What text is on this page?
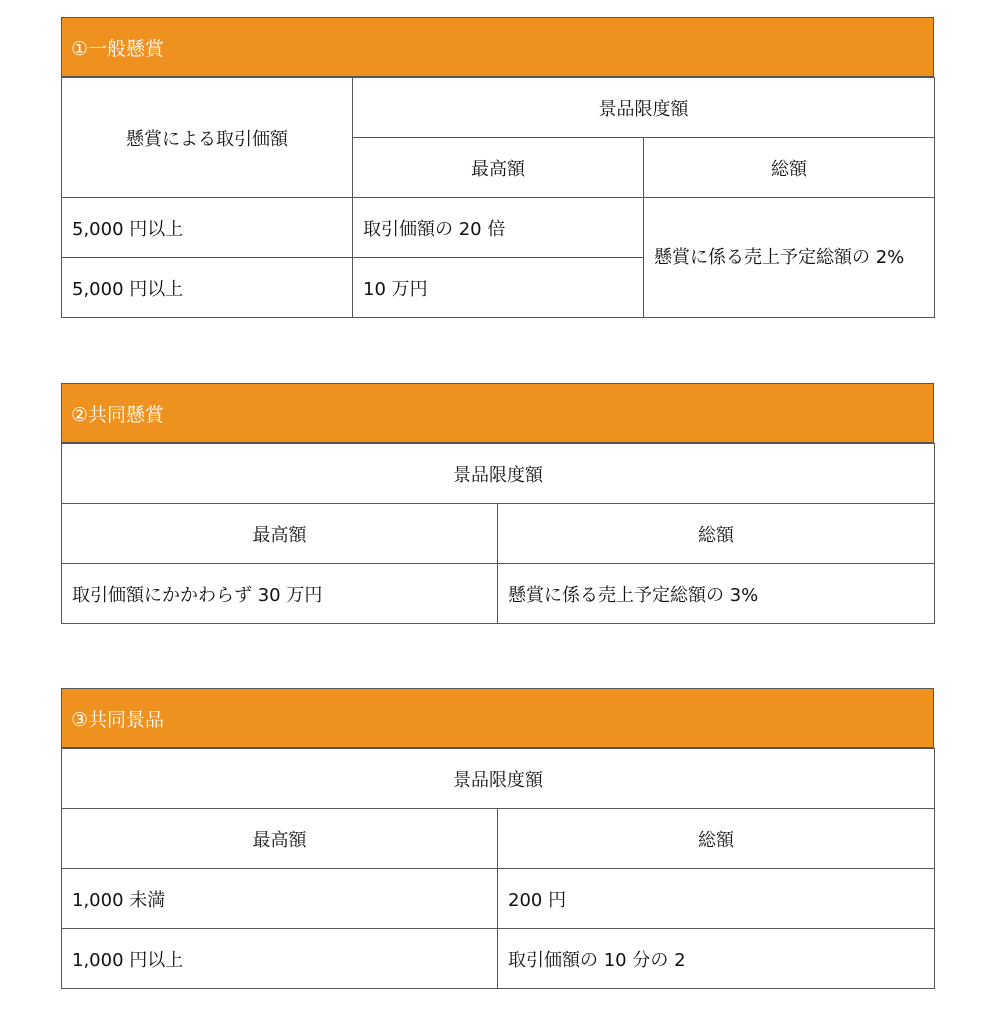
①一般懸賞
懸賞による取引価額	景品限度額	
	最高額	総額
5,000 円以上	取引価額の 20 倍	懸賞に係る売上予定総額の 2%
5,000 円以上	10 万円	
②共同懸賞
景品限度額	
最高額	総額
取引価額にかかわらず 30 万円	懸賞に係る売上予定総額の 3%
③共同景品
景品限度額	
最高額	総額
1,000 未満	200 円
1,000 円以上	取引価額の 10 分の 2
